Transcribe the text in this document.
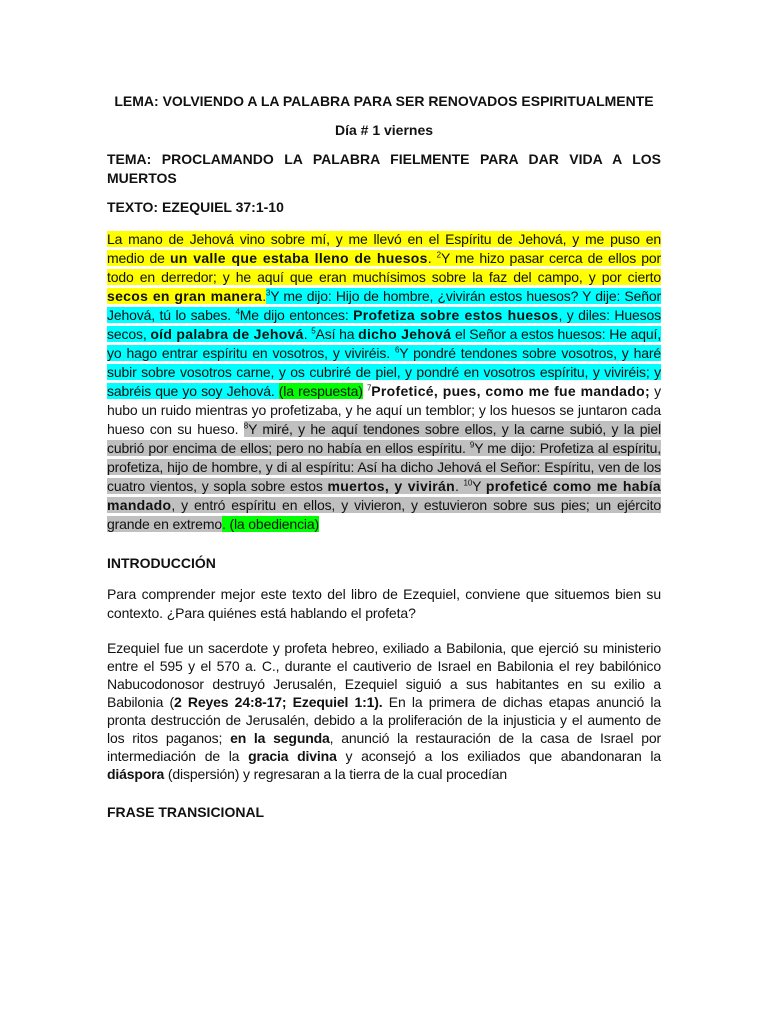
LEMA: VOLVIENDO A LA PALABRA PARA SER RENOVADOS ESPIRITUALMENTE

Día # 1 viernes

TEMA: PROCLAMANDO LA PALABRA FIELMENTE PARA DAR VIDA A LOS MUERTOS

TEXTO: EZEQUIEL 37:1-10

La mano de Jehová vino sobre mí, y me llevó en el Espíritu de Jehová, y me puso en medio de un valle que estaba lleno de huesos. $^2$Y me hizo pasar cerca de ellos por todo en derredor; y he aquí que eran muchísimos sobre la faz del campo, y por cierto secos en gran manera.$^3$Y me dijo: Hijo de hombre, ¿vivirán estos huesos? Y dije: Señor Jehová, tú lo sabes. $^4$Me dijo entonces: Profetiza sobre estos huesos, y diles: Huesos secos, oíd palabra de Jehová. $^5$Así ha dicho Jehová el Señor a estos huesos: He aquí, yo hago entrar espíritu en vosotros, y viviréis. $^6$Y pondré tendones sobre vosotros, y haré subir sobre vosotros carne, y os cubriré de piel, y pondré en vosotros espíritu, y viviréis; y sabréis que yo soy Jehová. (la respuesta) $^7$Profeticé, pues, como me fue mandado; y hubo un ruido mientras yo profetizaba, y he aquí un temblor; y los huesos se juntaron cada hueso con su hueso. $^8$Y miré, y he aquí tendones sobre ellos, y la carne subió, y la piel cubrió por encima de ellos; pero no había en ellos espíritu. $^9$Y me dijo: Profetiza al espíritu, profetiza, hijo de hombre, y di al espíritu: Así ha dicho Jehová el Señor: Espíritu, ven de los cuatro vientos, y sopla sobre estos muertos, y vivirán. $^{10}$Y profeticé como me había mandado, y entró espíritu en ellos, y vivieron, y estuvieron sobre sus pies; un ejército grande en extremo. (la obediencia)

INTRODUCCIÓN

Para comprender mejor este texto del libro de Ezequiel, conviene que situemos bien su contexto. ¿Para quiénes está hablando el profeta?

Ezequiel fue un sacerdote y profeta hebreo, exiliado a Babilonia, que ejerció su ministerio entre el 595 y el 570 a. C., durante el cautiverio de Israel en Babilonia el rey babilónico Nabucodonosor destruyó Jerusalén, Ezequiel siguió a sus habitantes en su exilio a Babilonia (2 Reyes 24:8-17; Ezequiel 1:1). En la primera de dichas etapas anunció la pronta destrucción de Jerusalén, debido a la proliferación de la injusticia y el aumento de los ritos paganos; en la segunda, anunció la restauración de la casa de Israel por intermediación de la gracia divina y aconsejó a los exiliados que abandonaran la diáspora (dispersión) y regresaran a la tierra de la cual procedían

FRASE TRANSICIONAL
